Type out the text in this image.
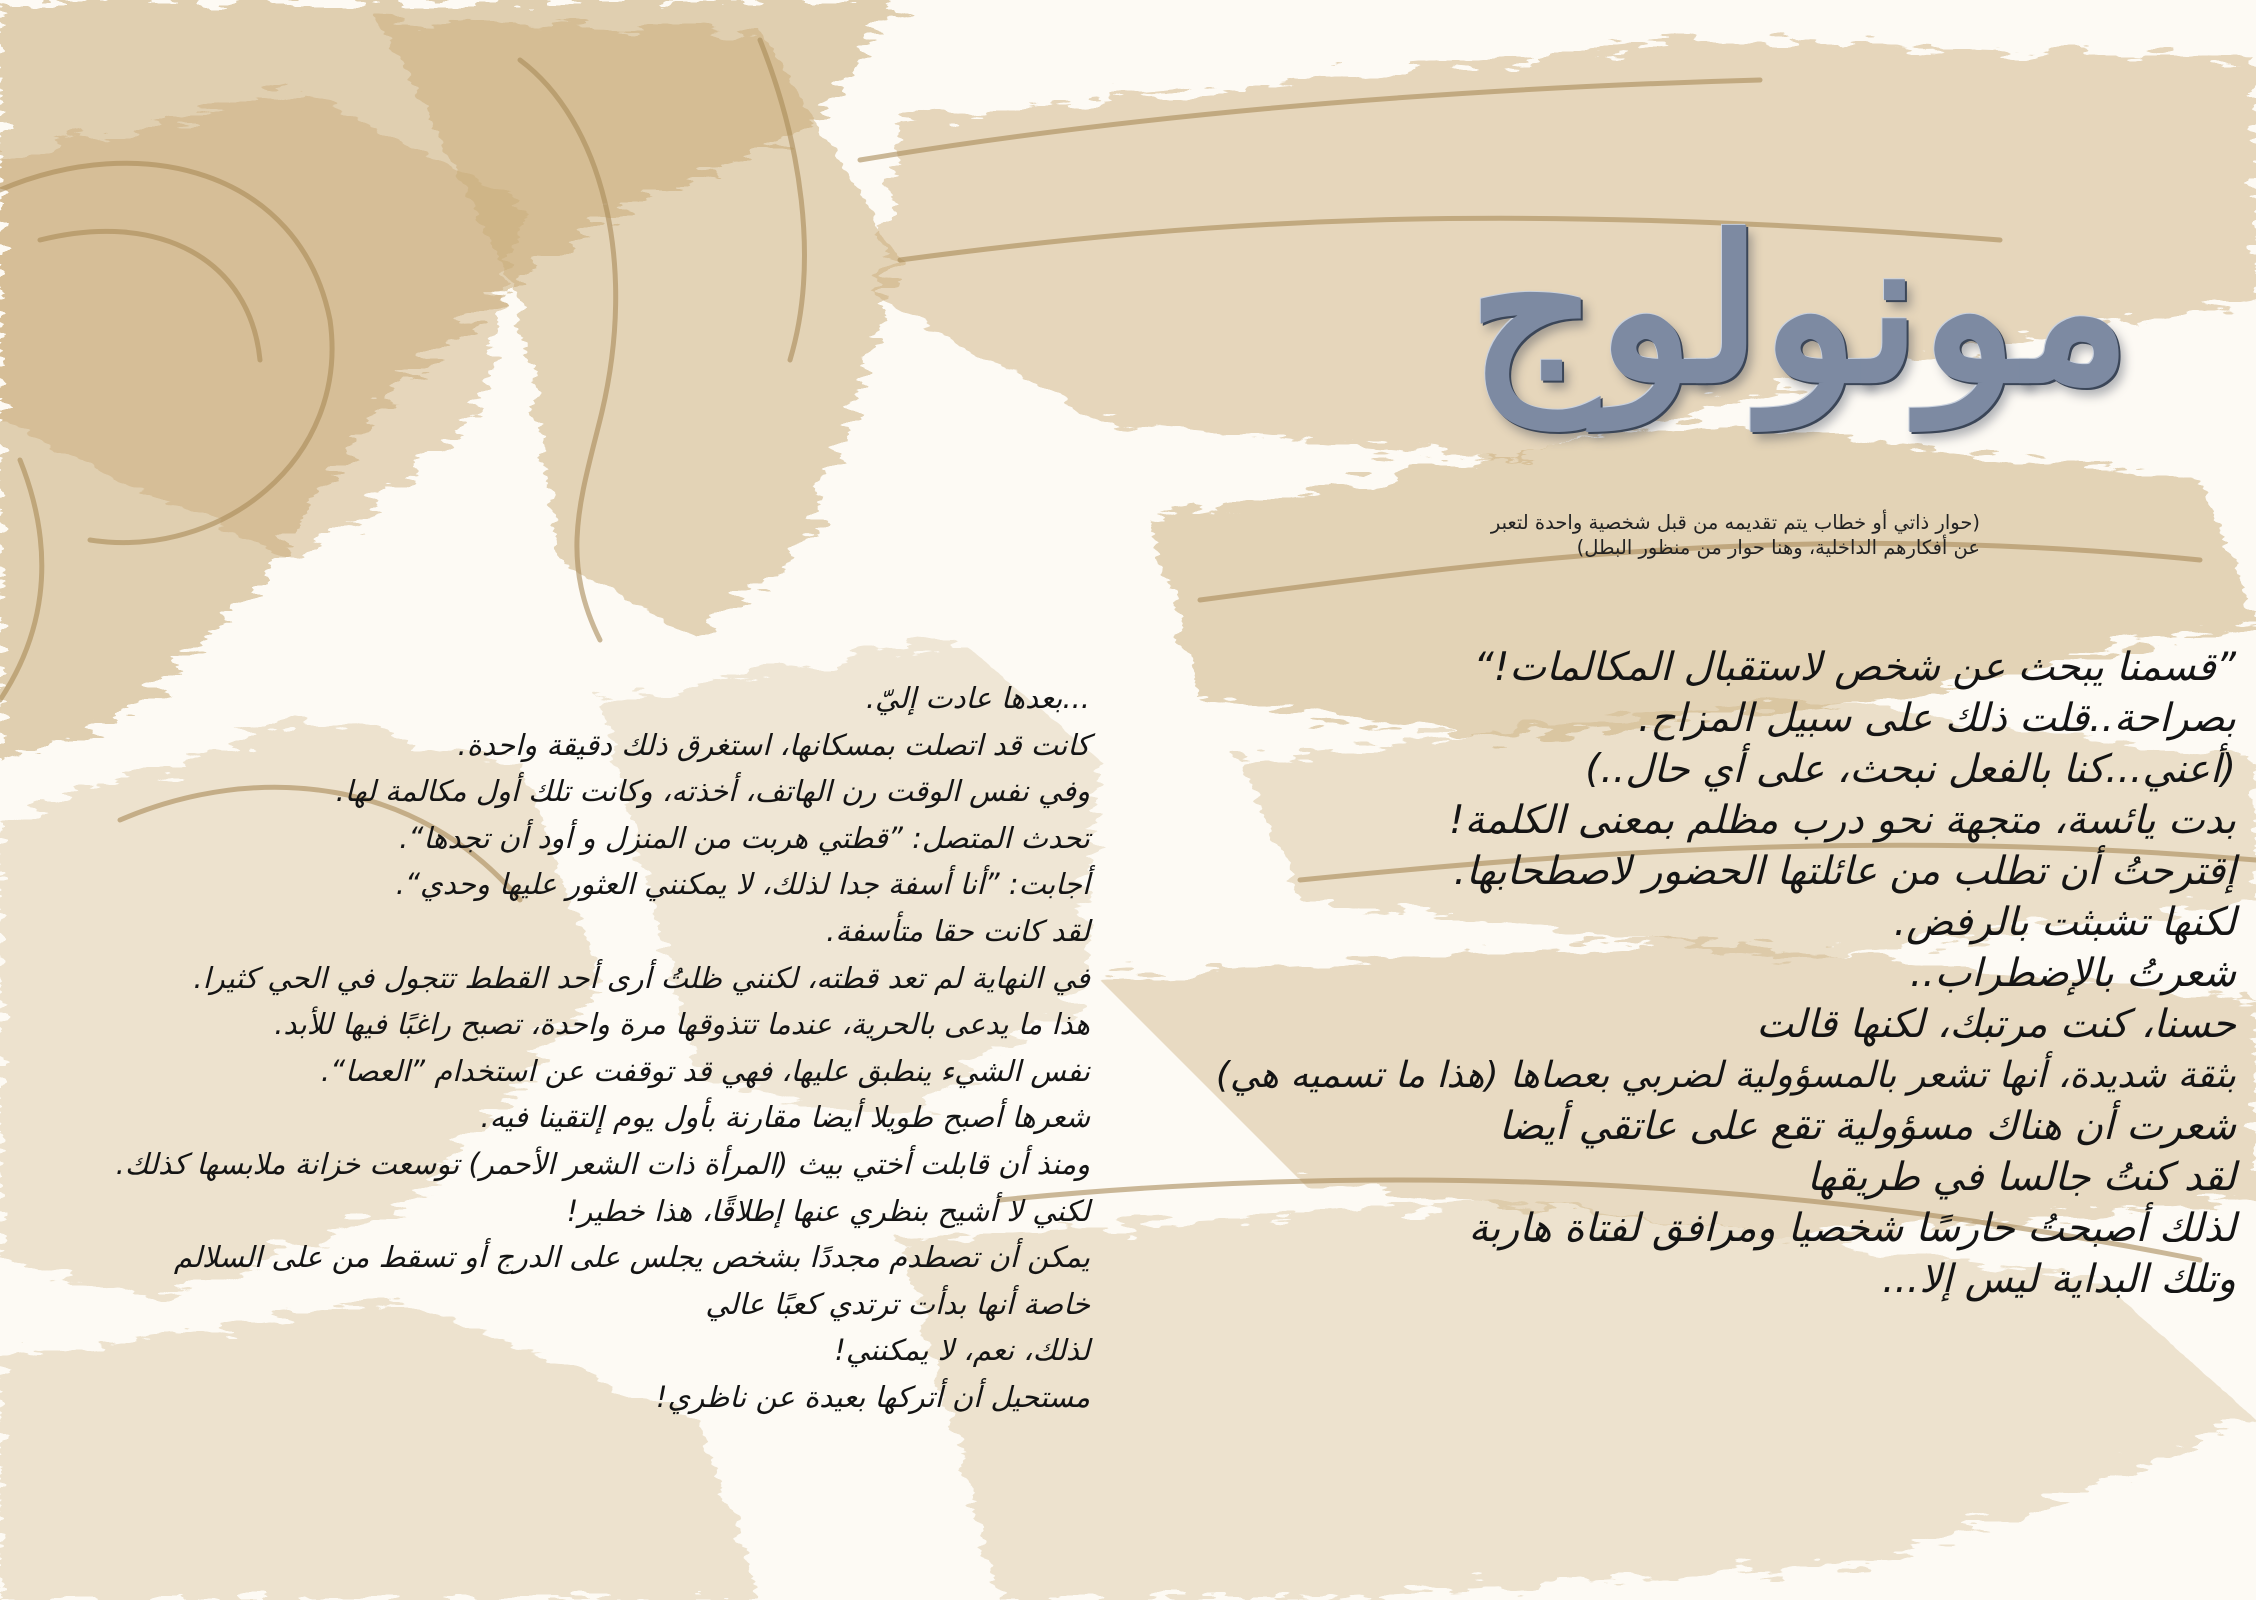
مونولوج
(حوار ذاتي أو خطاب يتم تقديمه من قبل شخصية واحدة لتعبر
عن أفكارهم الداخلية، وهنا حوار من منظور البطل)
”قسمنا يبحث عن شخص لاستقبال المكالمات!“
بصراحة..قلت ذلك على سبيل المزاح.
(أعني...كنا بالفعل نبحث، على أي حال..)
بدت يائسة، متجهة نحو درب مظلم بمعنى الكلمة!
إقترحتُ أن تطلب من عائلتها الحضور لاصطحابها.
لكنها تشبثت بالرفض.
شعرتُ بالإضطراب..
حسنا، كنت مرتبك، لكنها قالت
بثقة شديدة، أنها تشعر بالمسؤولية لضربي بعصاها (هذا ما تسميه هي)
شعرت أن هناك مسؤولية تقع على عاتقي أيضا
لقد كنتُ جالسا في طريقها
لذلك أصبحتُ حارسًا شخصيا ومرافق لفتاة هاربة
وتلك البداية ليس إلا...
...بعدها عادت إليّ.
كانت قد اتصلت بمسكانها، استغرق ذلك دقيقة واحدة.
وفي نفس الوقت رن الهاتف، أخذته، وكانت تلك أول مكالمة لها.
تحدث المتصل: ”قطتي هربت من المنزل و أود أن تجدها“.
أجابت: ”أنا أسفة جدا لذلك، لا يمكنني العثور عليها وحدي“.
لقد كانت حقا متأسفة.
في النهاية لم تعد قطته، لكنني ظلتُ أرى أحد القطط تتجول في الحي كثيرا.
هذا ما يدعى بالحرية، عندما تتذوقها مرة واحدة، تصبح راغبًا فيها للأبد.
نفس الشيء ينطبق عليها، فهي قد توقفت عن استخدام ”العصا“.
شعرها أصبح طويلا أيضا مقارنة بأول يوم إلتقينا فيه.
ومنذ أن قابلت أختي بيث (المرأة ذات الشعر الأحمر) توسعت خزانة ملابسها كذلك.
لكني لا أشيح بنظري عنها إطلاقًا، هذا خطير!
يمكن أن تصطدم مجددًا بشخص يجلس على الدرج أو تسقط من على السلالم
خاصة أنها بدأت ترتدي كعبًا عالي
لذلك، نعم، لا يمكنني!
مستحيل أن أتركها بعيدة عن ناظري!
